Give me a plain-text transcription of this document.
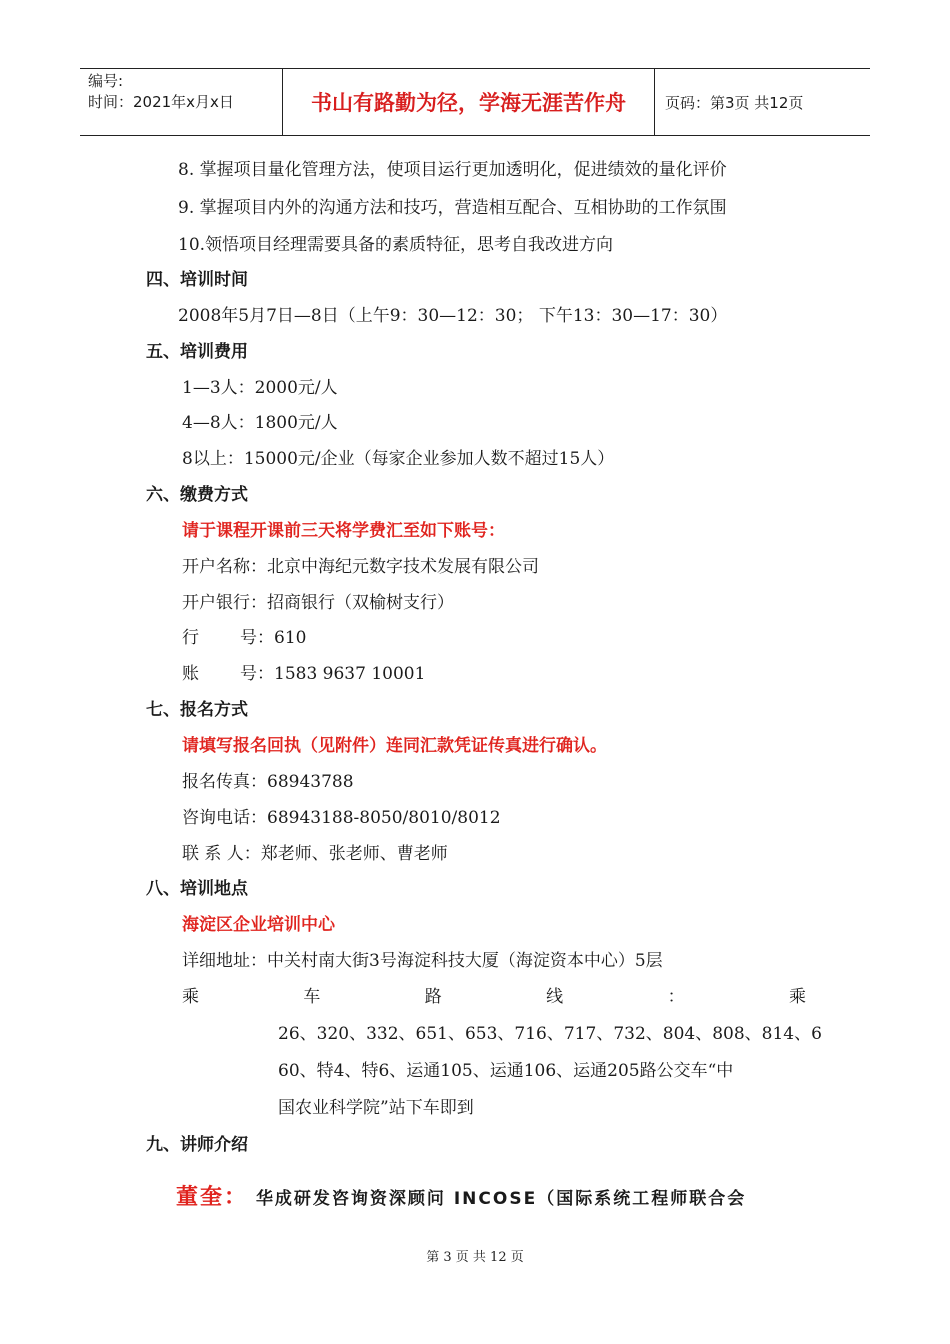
编号:
时间：2021年x月x日	书山有路勤为径，学海无涯苦作舟	页码：第3页 共12页
8. 掌握项目量化管理方法，使项目运行更加透明化，促进绩效的量化评价
9. 掌握项目内外的沟通方法和技巧，营造相互配合、互相协助的工作氛围
10.领悟项目经理需要具备的素质特征，思考自我改进方向
四、培训时间
2008年5月7日—8日（上午9：30—12：30； 下午13：30—17：30）
五、培训费用
1—3人：2000元/人
4—8人：1800元/人
8以上：15000元/企业（每家企业参加人数不超过15人）
六、缴费方式
请于课程开课前三天将学费汇至如下账号：
开户名称：北京中海纪元数字技术发展有限公司
开户银行：招商银行（双榆树支行）
行 号：610
账 号：1583 9637 10001
七、报名方式
请填写报名回执（见附件）连同汇款凭证传真进行确认。
报名传真：68943788
咨询电话：68943188-8050/8010/8012
联 系 人：郑老师、张老师、曹老师
八、培训地点
海淀区企业培训中心
详细地址：中关村南大街3号海淀科技大厦（海淀资本中心）5层
乘	车	路	线	：	乘
26、320、332、651、653、716、717、732、804、808、814、6
60、特4、特6、运通105、运通106、运通205路公交车“中
国农业科学院”站下车即到
九、讲师介绍
董奎： 华成研发咨询资深顾问 INCOSE（国际系统工程师联合会
第 3 页 共 12 页
